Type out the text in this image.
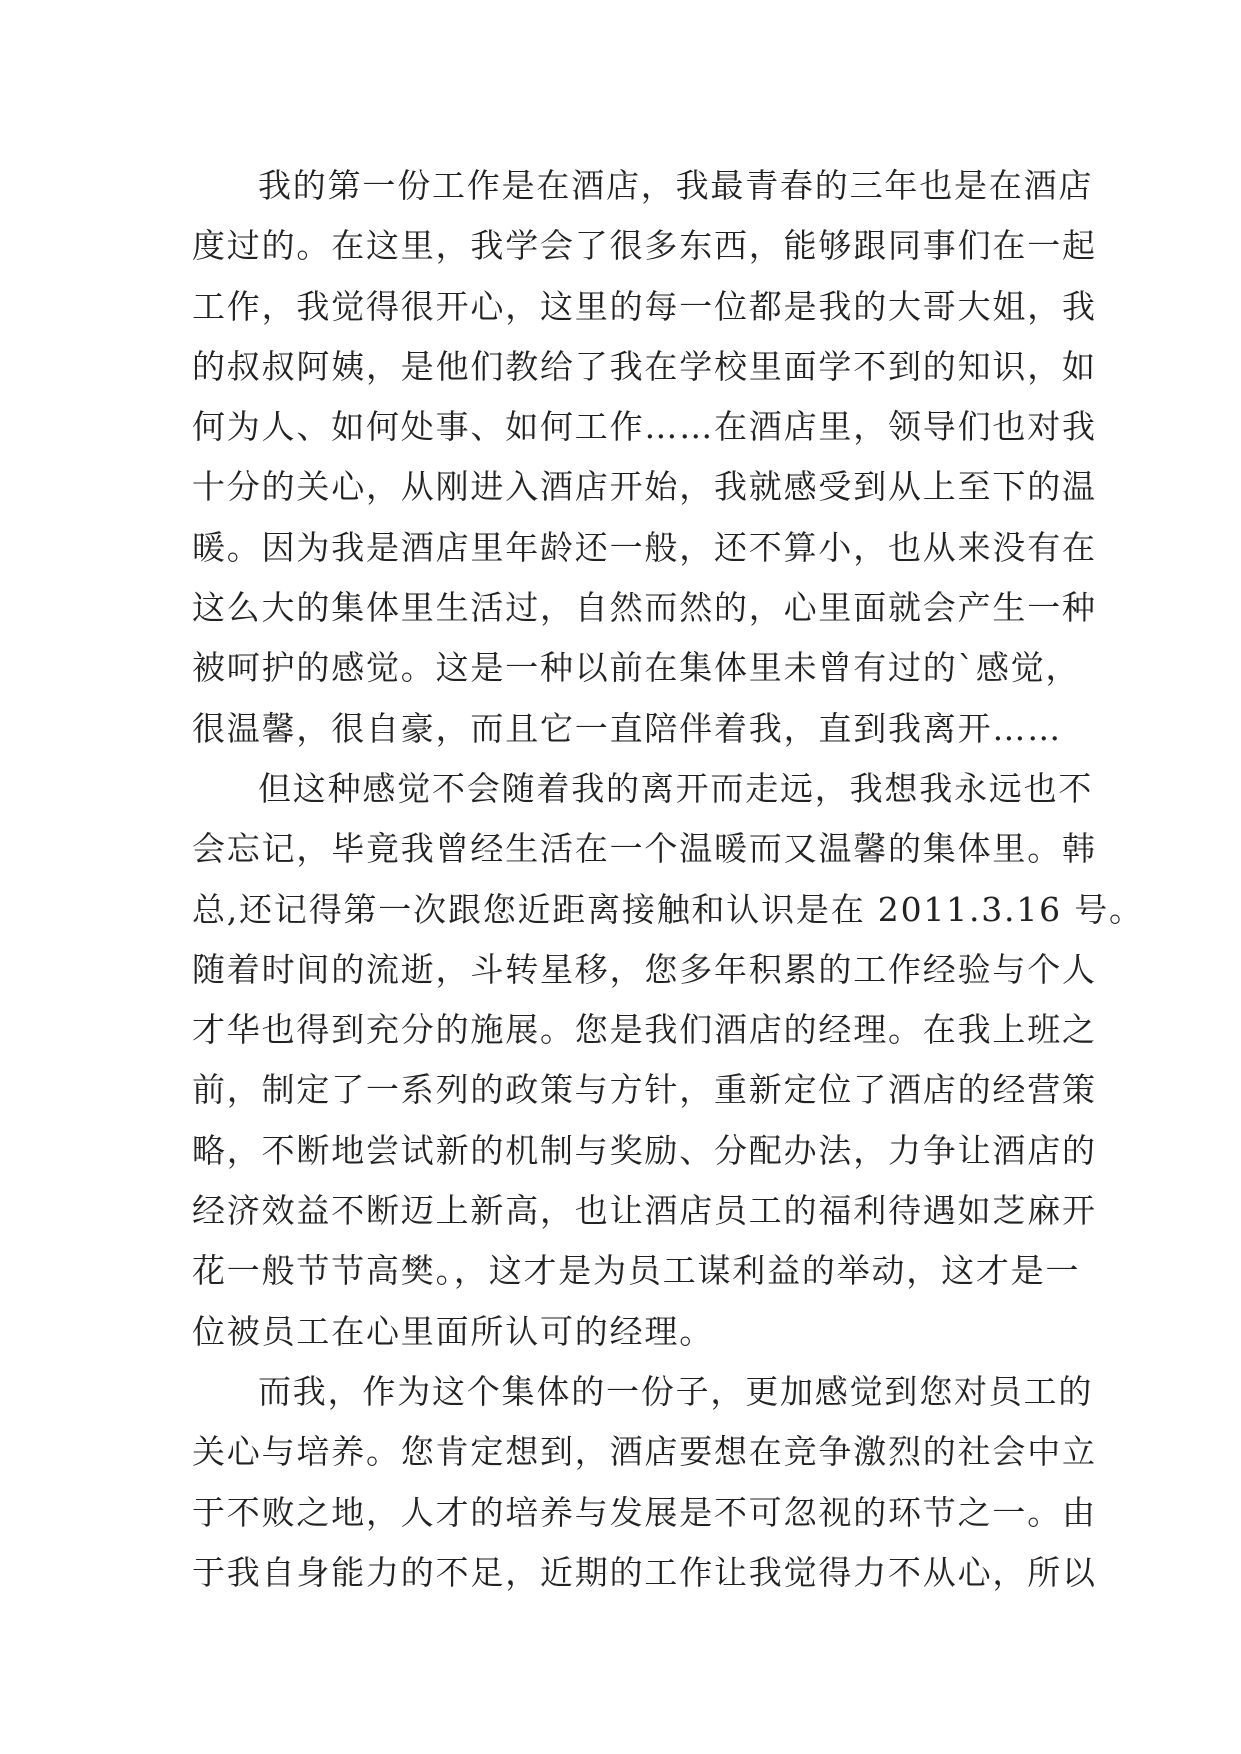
我的第一份工作是在酒店，我最青春的三年也是在酒店
度过的。在这里，我学会了很多东西，能够跟同事们在一起
工作，我觉得很开心，这里的每一位都是我的大哥大姐，我
的叔叔阿姨，是他们教给了我在学校里面学不到的知识，如
何为人、如何处事、如何工作……在酒店里，领导们也对我
十分的关心，从刚进入酒店开始，我就感受到从上至下的温
暖。因为我是酒店里年龄还一般，还不算小，也从来没有在
这么大的集体里生活过，自然而然的，心里面就会产生一种
被呵护的感觉。这是一种以前在集体里未曾有过的`感觉，
很温馨，很自豪，而且它一直陪伴着我，直到我离开……
但这种感觉不会随着我的离开而走远，我想我永远也不
会忘记，毕竟我曾经生活在一个温暖而又温馨的集体里。韩
总,还记得第一次跟您近距离接触和认识是在 2011.3.16 号。
随着时间的流逝，斗转星移，您多年积累的工作经验与个人
才华也得到充分的施展。您是我们酒店的经理。在我上班之
前，制定了一系列的政策与方针，重新定位了酒店的经营策
略，不断地尝试新的机制与奖励、分配办法，力争让酒店的
经济效益不断迈上新高，也让酒店员工的福利待遇如芝麻开
花一般节节高樊。，这才是为员工谋利益的举动，这才是一
位被员工在心里面所认可的经理。
而我，作为这个集体的一份子，更加感觉到您对员工的
关心与培养。您肯定想到，酒店要想在竞争激烈的社会中立
于不败之地，人才的培养与发展是不可忽视的环节之一。由
于我自身能力的不足，近期的工作让我觉得力不从心，所以
